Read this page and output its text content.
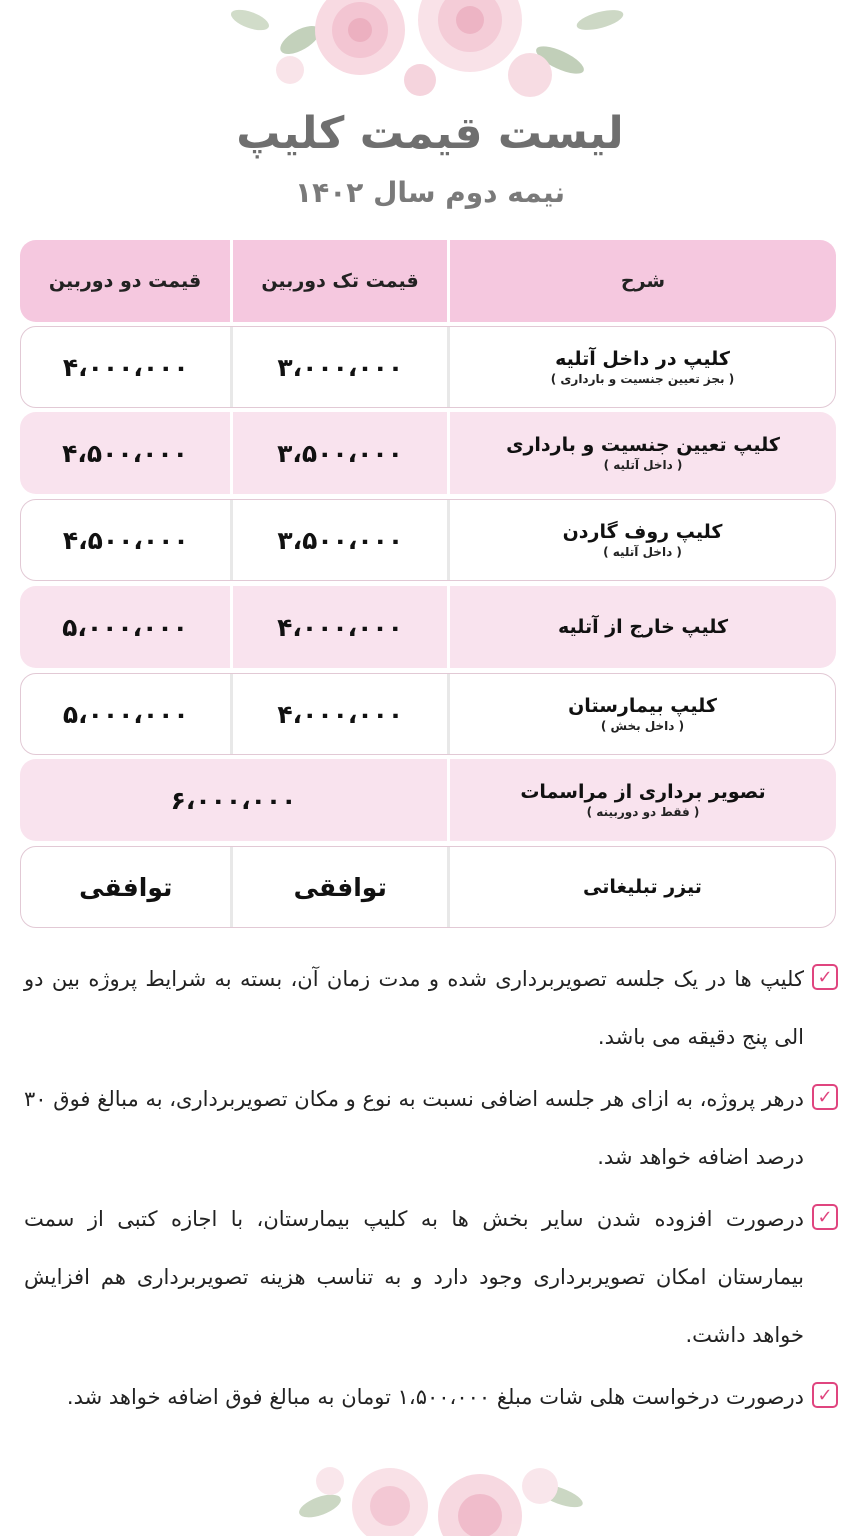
لیست قیمت کلیپ
نیمه دوم سال ۱۴۰۲
شرح
قیمت تک دوربین
قیمت دو دوربین
کلیپ در داخل آتلیه
( بجز تعیین جنسیت و بارداری )
۳،۰۰۰،۰۰۰
۴،۰۰۰،۰۰۰
کلیپ تعیین جنسیت و بارداری
( داخل آتلیه )
۳،۵۰۰،۰۰۰
۴،۵۰۰،۰۰۰
کلیپ روف گاردن
( داخل آتلیه )
۳،۵۰۰،۰۰۰
۴،۵۰۰،۰۰۰
کلیپ خارج از آتلیه
۴،۰۰۰،۰۰۰
۵،۰۰۰،۰۰۰
کلیپ بیمارستان
( داخل بخش )
۴،۰۰۰،۰۰۰
۵،۰۰۰،۰۰۰
تصویر برداری از مراسمات
( فقط دو دوربینه )
۶،۰۰۰،۰۰۰
تیزر تبلیغاتی
توافقی
توافقی
✓
کلیپ ها در یک جلسه تصویربرداری شده و مدت زمان آن، بسته به شرایط پروژه بین دو الی پنج دقیقه می باشد.
✓
درهر پروژه، به ازای هر جلسه اضافی نسبت به نوع و مکان تصویربرداری، به مبالغ فوق ۳۰ درصد اضافه خواهد شد.
✓
درصورت افزوده شدن سایر بخش ها به کلیپ بیمارستان، با اجازه کتبی از سمت بیمارستان امکان تصویربرداری وجود دارد و به تناسب هزینه تصویربرداری هم افزایش خواهد داشت.
✓
درصورت درخواست هلی شات مبلغ ۱،۵۰۰،۰۰۰ تومان به مبالغ فوق اضافه خواهد شد.
